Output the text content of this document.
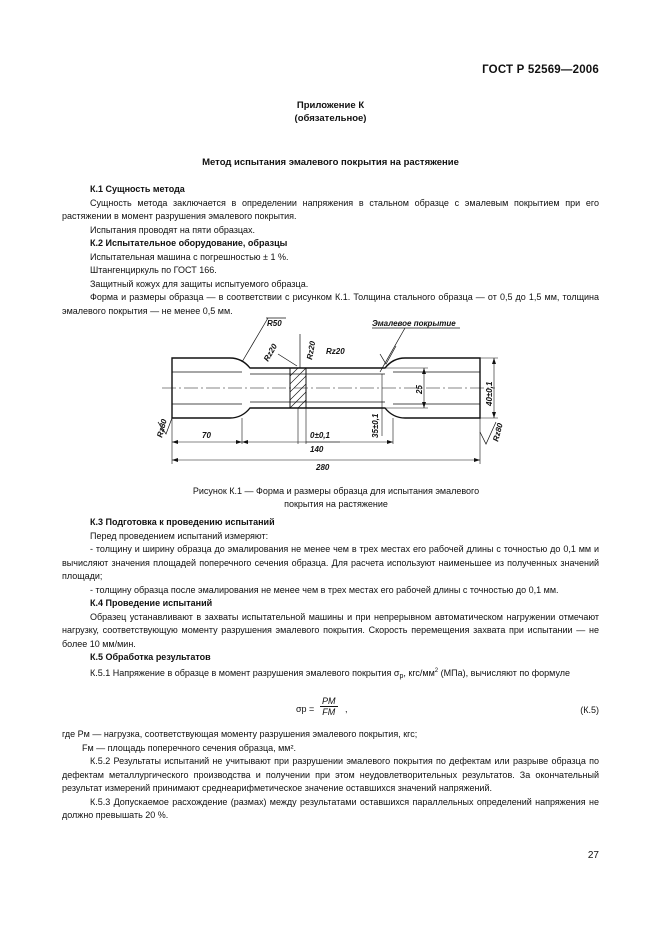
ГОСТ Р 52569—2006
Приложение К
(обязательное)
Метод испытания эмалевого покрытия на растяжение

К.1 Сущность метода

Сущность метода заключается в определении напряжения в стальном образце с эмалевым покрытием при его растяжении в момент разрушения эмалевого покрытия.

Испытания проводят на пяти образцах.

К.2 Испытательное оборудование, образцы

Испытательная машина с погрешностью ± 1 %.

Штангенциркуль по ГОСТ 166.

Защитный кожух для защиты испытуемого образца.

Форма и размеры образца — в соответствии с рисунком К.1. Толщина стального образца — от 0,5 до 1,5 мм, толщина эмалевого покрытия — не менее 0,5 мм.

R50	Эмалевое покрытие
Rz20	Rz20 Rz20
Rz80	Rz80
25	40±0,1
0±0,1	35±0,1
70
140
280
Рисунок К.1 — Форма и размеры образца для испытания эмалевого
покрытия на растяжение

К.3 Подготовка к проведению испытаний

Перед проведением испытаний измеряют:

- толщину и ширину образца до эмалирования не менее чем в трех местах его рабочей длины с точностью до 0,1 мм и вычисляют значения площадей поперечного сечения образца. Для расчета используют наименьшее из полученных значений площади;

- толщину образца после эмалирования не менее чем в трех местах его рабочей длины с точностью до 0,1 мм.

К.4 Проведение испытаний

Образец устанавливают в захваты испытательной машины и при непрерывном автоматическом нагружении отмечают нагрузку, соответствующую моменту разрушения эмалевого покрытия. Скорость перемещения захвата при испытании — не более 10 мм/мин.

К.5 Обработка результатов

К.5.1 Напряжение в образце в момент разрушения эмалевого покрытия $\sigma_р$, кгс/$мм^2$ (МПа), вычисляют по формуле

σр =
PМ
FМ ,	(К.5)

где Pм — нагрузка, соответствующая моменту разрушения эмалевого покрытия, кгс;

Fм — площадь поперечного сечения образца, мм².

К.5.2 Результаты испытаний не учитывают при разрушении эмалевого покрытия по дефектам или разрыве образца по дефектам металлургического производства и получении при этом неудовлетворительных результатов. За окончательный результат измерений принимают среднеарифметическое значение оставшихся значений напряжений.

К.5.3 Допускаемое расхождение (размах) между результатами оставшихся параллельных определений напряжения не должно превышать 20 %.

27
